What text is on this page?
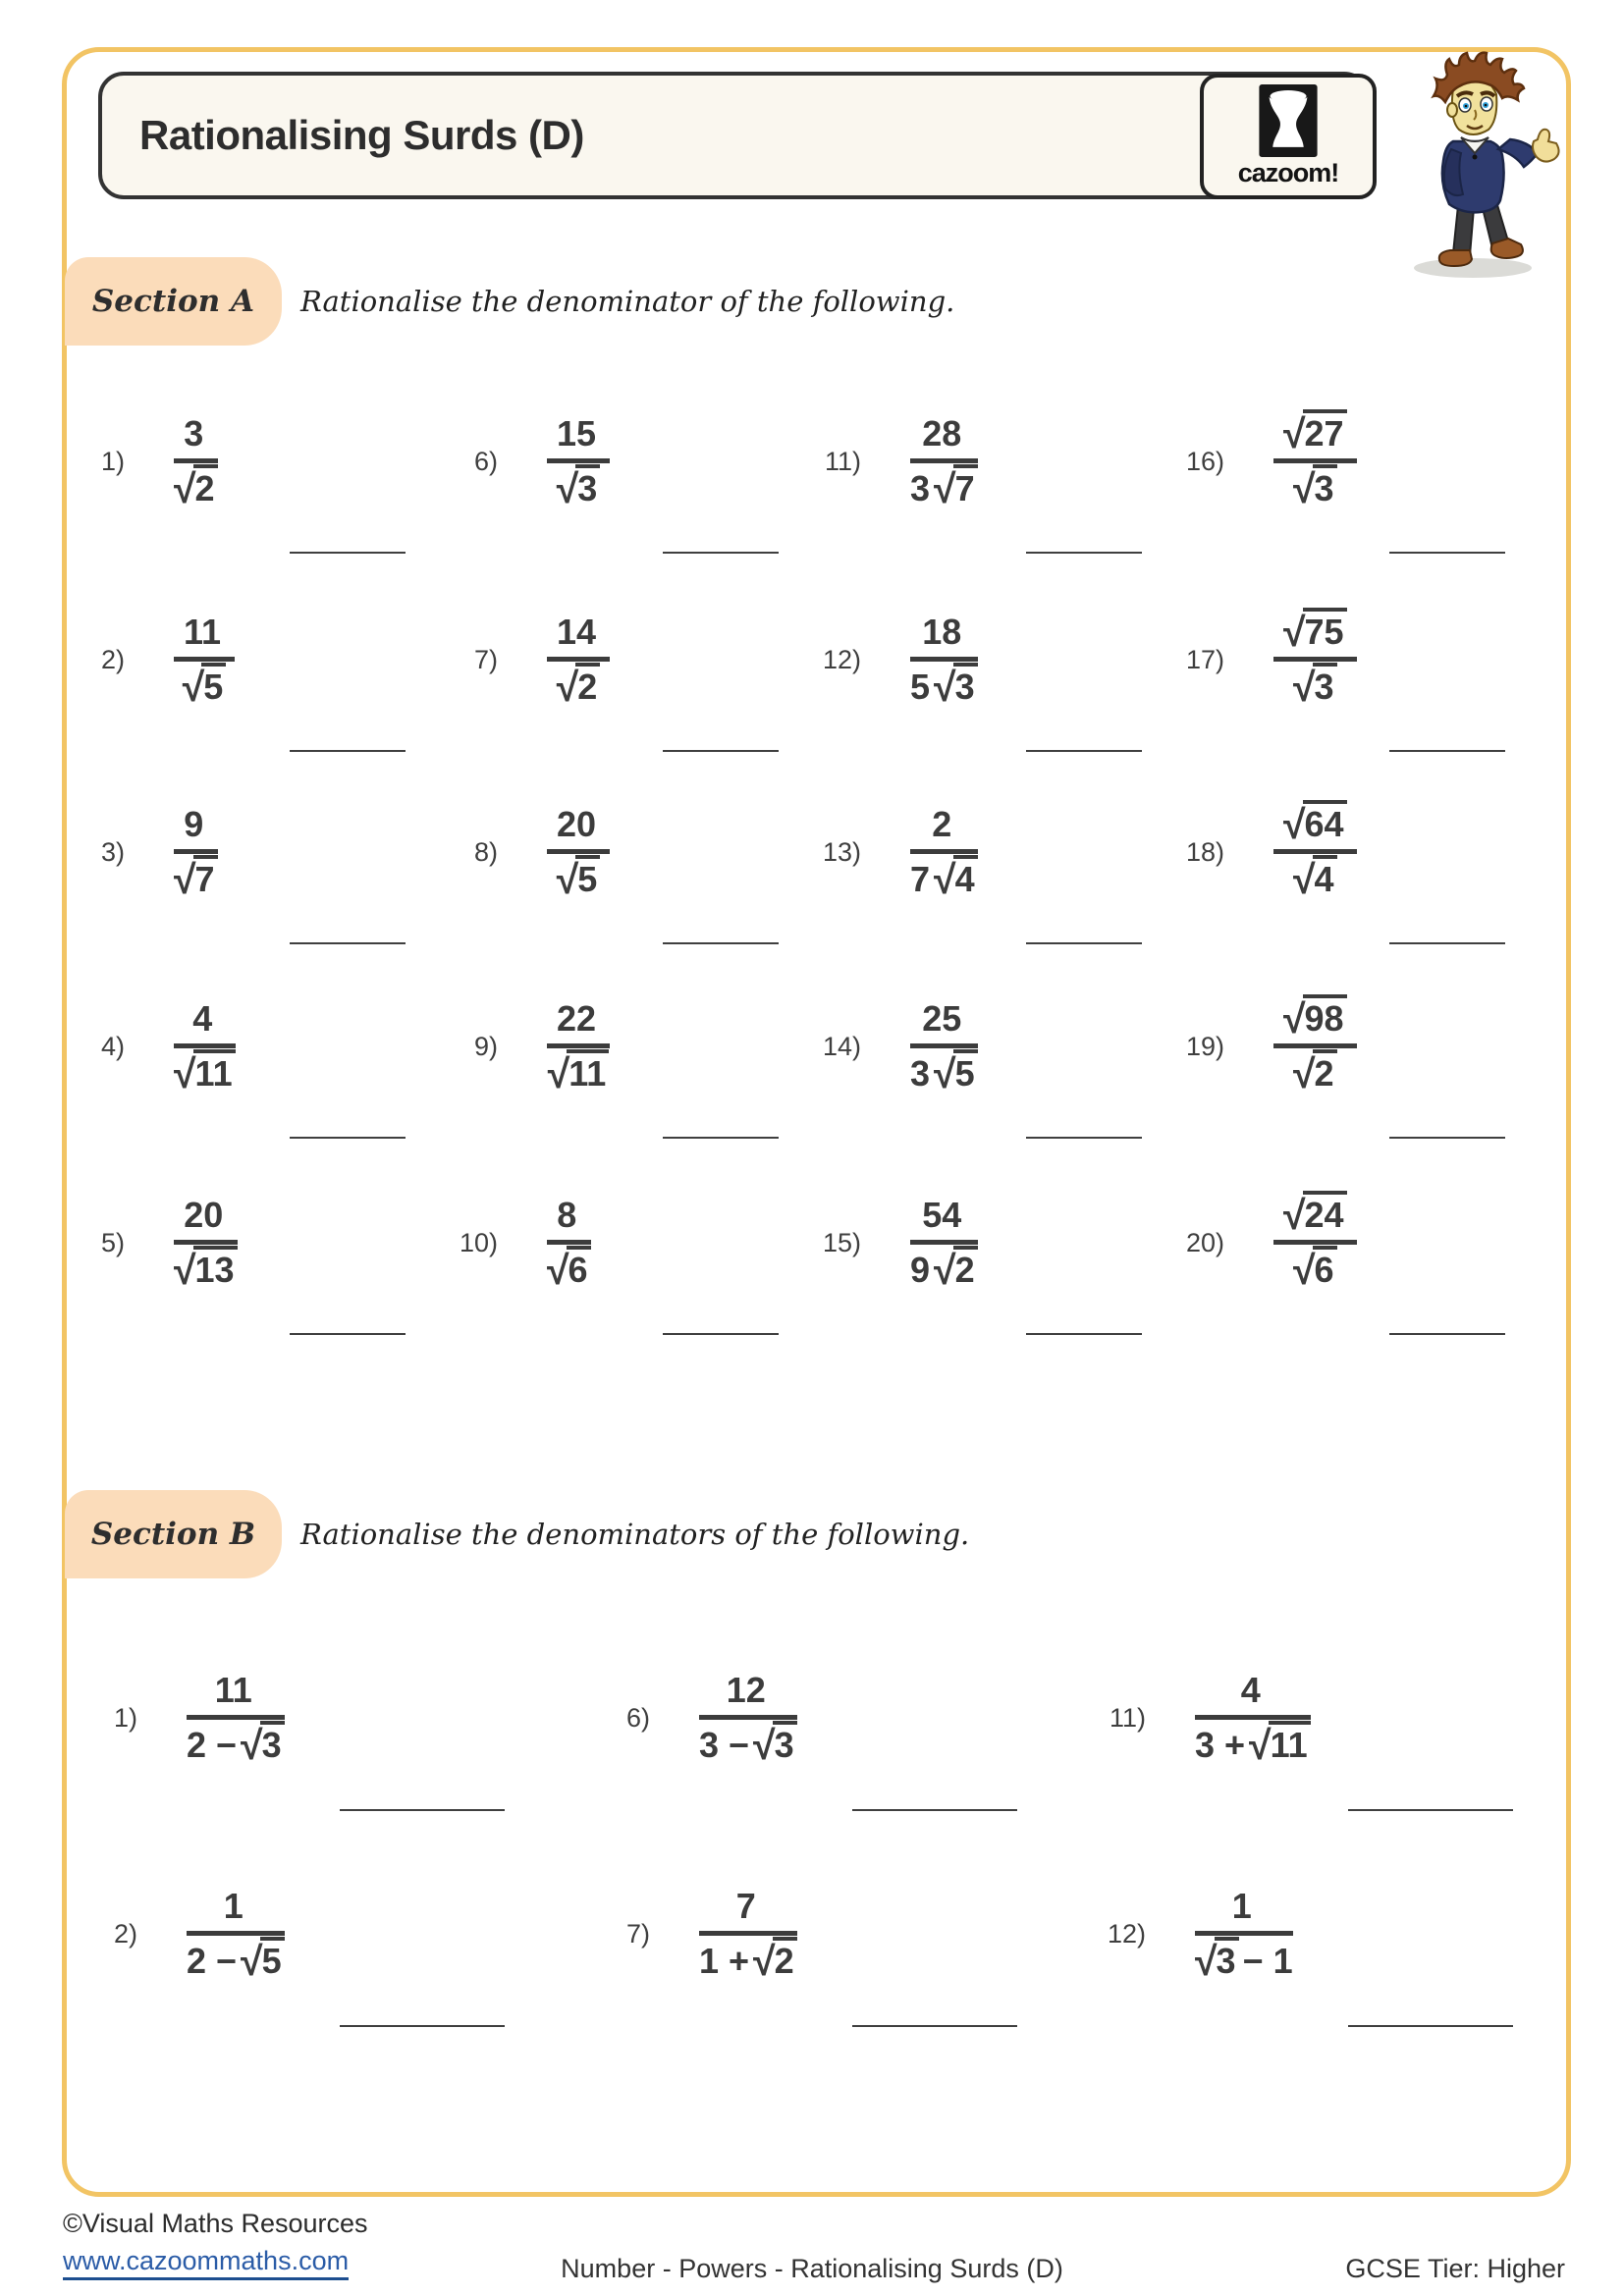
Rationalising Surds (D)
cazoom!
Section A Rationalise the denominator of the following.
$1) \frac{3}{√2}$
$2) \frac{11}{√5}$
$3) \frac{9}{√7}$
$4) \frac{4}{√11}$
$5) \frac{20}{√13}$
$6) \frac{15}{√3}$
$7) \frac{14}{√2}$
$8) \frac{20}{√5}$
$9) \frac{22}{√11}$
$10) \frac{8}{√6}$
$11) \frac{28}{3√7}$
$12) \frac{18}{5√3}$
$13) \frac{2}{7√4}$
$14) \frac{25}{3√5}$
$15) \frac{54}{9√2}$
$16) \frac{√27}{√3}$
$17) \frac{√75}{√3}$
$18) \frac{√64}{√4}$
$19) \frac{√98}{√2}$
$20) \frac{√24}{√6}$
Section B Rationalise the denominators of the following.
$1) \frac{11}{2 -√3}$
$2) \frac{1}{2 -√5}$
$6) \frac{12}{3 -√3}$
$7) \frac{7}{1 +√2}$
$11) \frac{4}{3 +√11}$
$12) \frac{1}{√3 - 1}$
©Visual Maths Resources
www.cazoommaths.com	Number - Powers - Rationalising Surds (D)	GCSE Tier: Higher
